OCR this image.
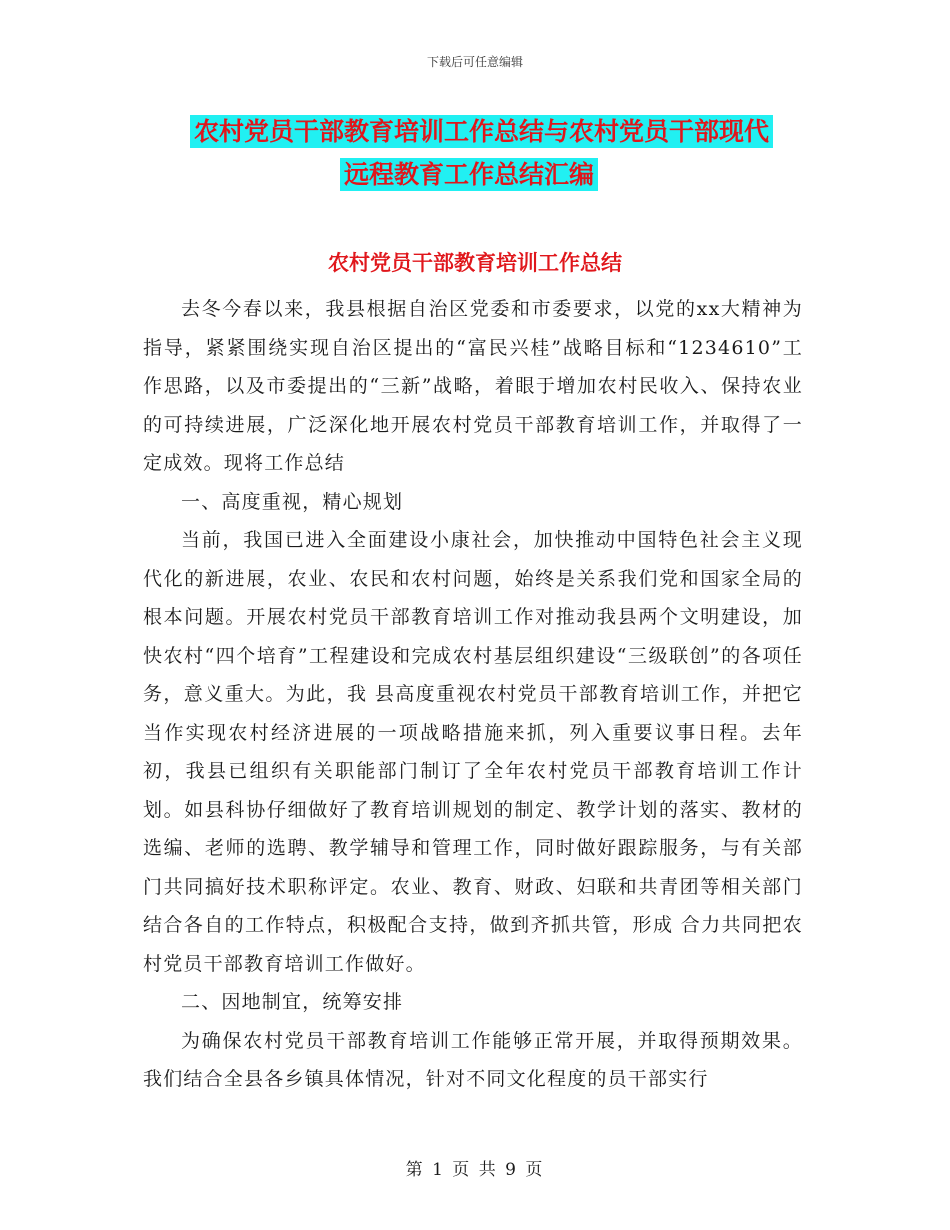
下载后可任意编辑
农村党员干部教育培训工作总结与农村党员干部现代
远程教育工作总结汇编
农村党员干部教育培训工作总结

去冬今春以来，我县根据自治区党委和市委要求，以党的xx大精神为指导，紧紧围绕实现自治区提出的“富民兴桂”战略目标和“1234610”工作思路，以及市委提出的“三新”战略，着眼于增加农村民收入、保持农业的可持续进展，广泛深化地开展农村党员干部教育培训工作，并取得了一定成效。现将工作总结

一、高度重视，精心规划

当前，我国已进入全面建设小康社会，加快推动中国特色社会主义现代化的新进展，农业、农民和农村问题，始终是关系我们党和国家全局的根本问题。开展农村党员干部教育培训工作对推动我县两个文明建设，加快农村“四个培育”工程建设和完成农村基层组织建设“三级联创”的各项任务，意义重大。为此，我 县高度重视农村党员干部教育培训工作，并把它当作实现农村经济进展的一项战略措施来抓，列入重要议事日程。去年初，我县已组织有关职能部门制订了全年农村党员干部教育培训工作计划。如县科协仔细做好了教育培训规划的制定、教学计划的落实、教材的选编、老师的选聘、教学辅导和管理工作，同时做好跟踪服务，与有关部门共同搞好技术职称评定。农业、教育、财政、妇联和共青团等相关部门结合各自的工作特点，积极配合支持，做到齐抓共管，形成 合力共同把农村党员干部教育培训工作做好。

二、因地制宜，统筹安排

为确保农村党员干部教育培训工作能够正常开展，并取得预期效果。我们结合全县各乡镇具体情况，针对不同文化程度的员干部实行

第 1 页 共 9 页
